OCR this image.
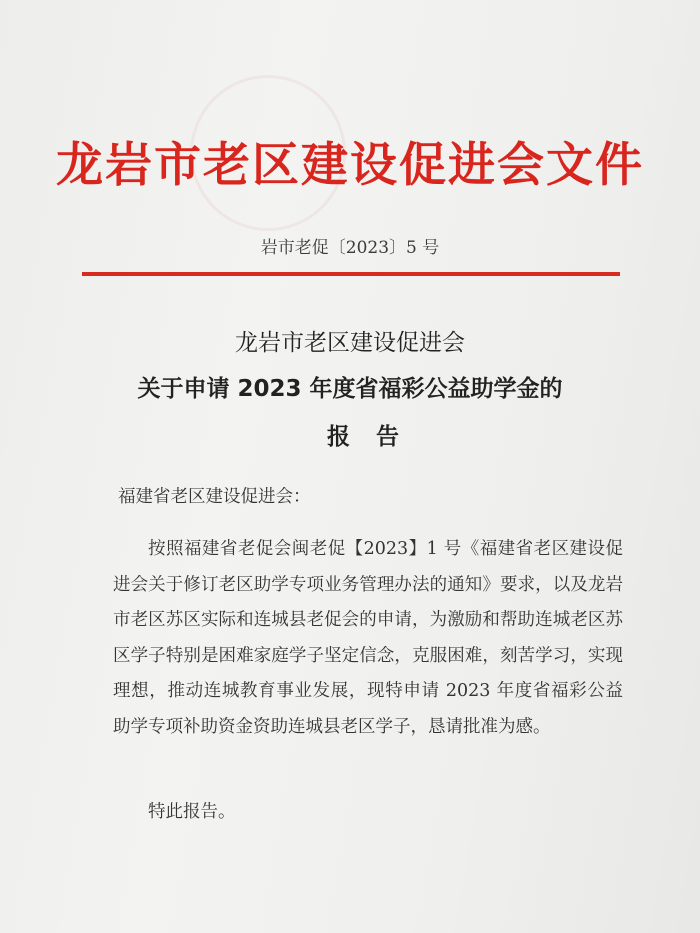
龙岩市老区建设促进会文件
岩市老促〔2023〕5 号
龙岩市老区建设促进会
关于申请 2023 年度省福彩公益助学金的
报告
福建省老区建设促进会：
按照福建省老促会闽老促【2023】1 号《福建省老区建设促进会关于修订老区助学专项业务管理办法的通知》要求，以及龙岩市老区苏区实际和连城县老促会的申请，为激励和帮助连城老区苏区学子特别是困难家庭学子坚定信念，克服困难，刻苦学习，实现理想，推动连城教育事业发展，现特申请 2023 年度省福彩公益助学专项补助资金资助连城县老区学子，恳请批准为感。
特此报告。
